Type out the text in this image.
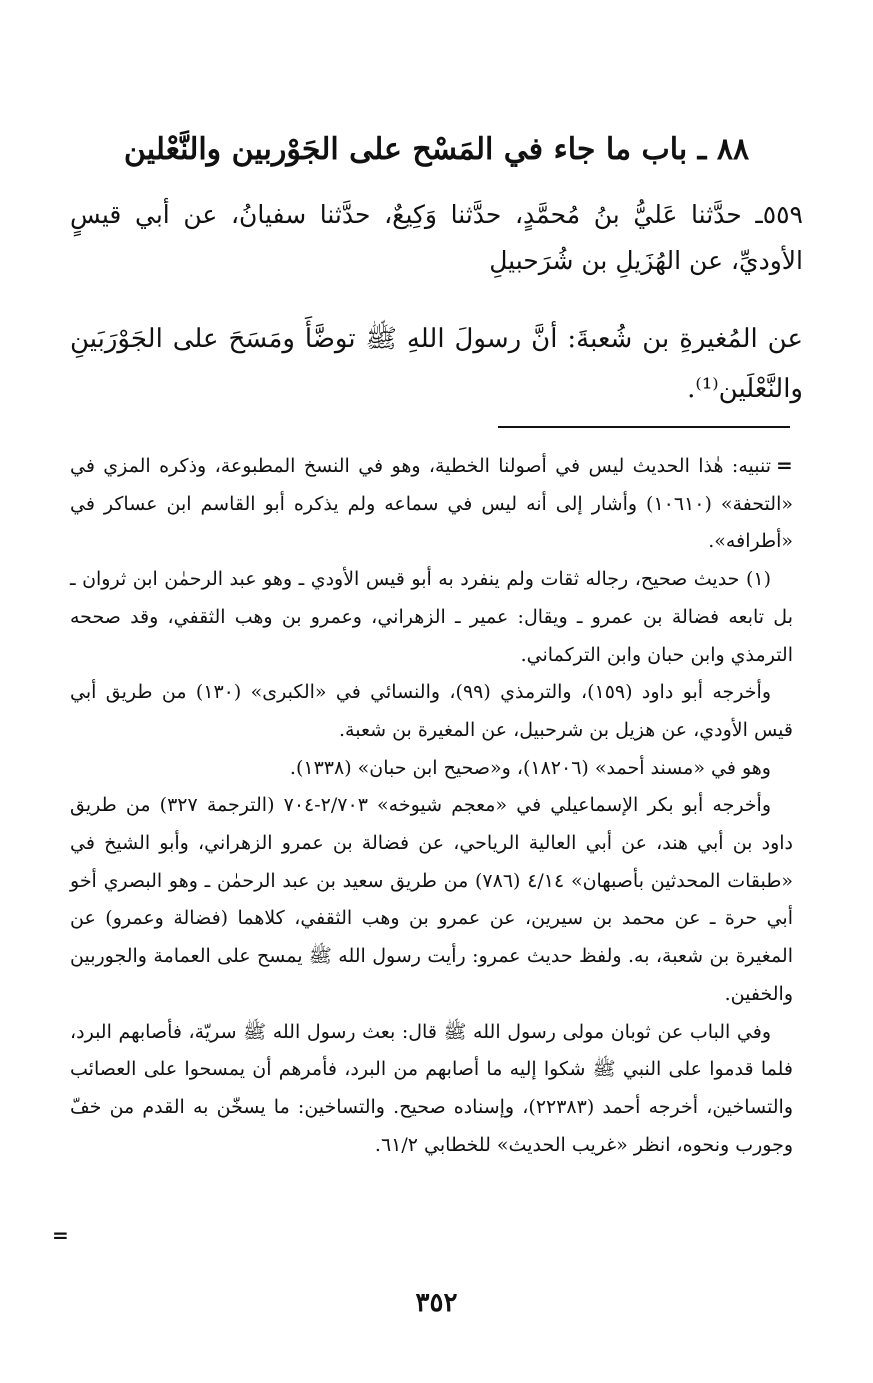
٨٨ ـ باب ما جاء في المَسْح على الجَوْربين والنَّعْلين

٥٥٩ـ حدَّثنا عَليُّ بنُ مُحمَّدٍ، حدَّثنا وَكِيعٌ، حدَّثنا سفيانُ، عن أبي قيسٍ الأوديِّ، عن الهُزَيلِ بن شُرَحبيلِ

عن المُغيرةِ بن شُعبةَ: أنَّ رسولَ اللهِ ﷺ توضَّأَ ومَسَحَ على الجَوْرَبَينِ والنَّعْلَين⁽¹⁾.

=

تنبيه: هٰذا الحديث ليس في أصولنا الخطية، وهو في النسخ المطبوعة، وذكره المزي في «التحفة» (١٠٦١٠) وأشار إلى أنه ليس في سماعه ولم يذكره أبو القاسم ابن عساكر في «أطرافه».

(١) حديث صحيح، رجاله ثقات ولم ينفرد به أبو قيس الأودي ـ وهو عبد الرحمٰن ابن ثروان ـ بل تابعه فضالة بن عمرو ـ ويقال: عمير ـ الزهراني، وعمرو بن وهب الثقفي، وقد صححه الترمذي وابن حبان وابن التركماني.

وأخرجه أبو داود (١٥٩)، والترمذي (٩٩)، والنسائي في «الكبرى» (١٣٠) من طريق أبي قيس الأودي، عن هزيل بن شرحبيل، عن المغيرة بن شعبة.

وهو في «مسند أحمد» (١٨٢٠٦)، و«صحيح ابن حبان» (١٣٣٨).

وأخرجه أبو بكر الإسماعيلي في «معجم شيوخه» ٢/٧٠٣-٧٠٤ (الترجمة ٣٢٧) من طريق داود بن أبي هند، عن أبي العالية الرياحي، عن فضالة بن عمرو الزهراني، وأبو الشيخ في «طبقات المحدثين بأصبهان» ٤/١٤ (٧٨٦) من طريق سعيد بن عبد الرحمٰن ـ وهو البصري أخو أبي حرة ـ عن محمد بن سيرين، عن عمرو بن وهب الثقفي، كلاهما (فضالة وعمرو) عن المغيرة بن شعبة، به. ولفظ حديث عمرو: رأيت رسول الله ﷺ يمسح على العمامة والجوربين والخفين.

وفي الباب عن ثوبان مولى رسول الله ﷺ قال: بعث رسول الله ﷺ سريّة، فأصابهم البرد، فلما قدموا على النبي ﷺ شكوا إليه ما أصابهم من البرد، فأمرهم أن يمسحوا على العصائب والتساخين، أخرجه أحمد (٢٢٣٨٣)، وإسناده صحيح. والتساخين: ما يسخّن به القدم من خفّ وجورب ونحوه، انظر «غريب الحديث» للخطابي ٦١/٢.

=
٣٥٢
